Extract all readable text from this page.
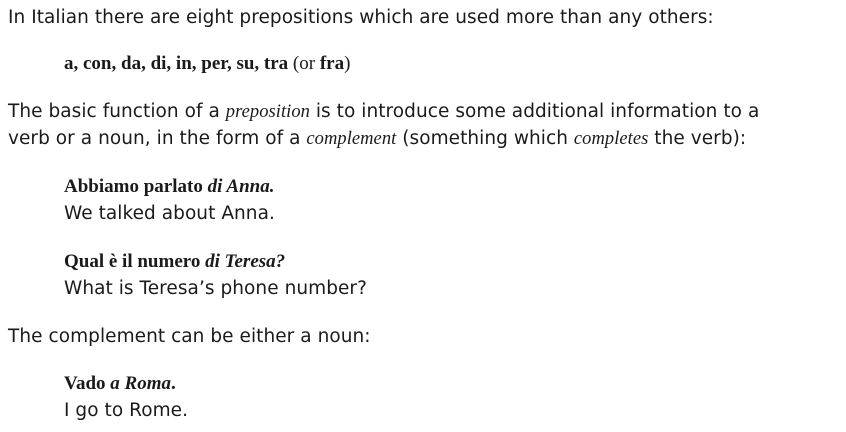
In Italian there are eight prepositions which are used more than any others:
a, con, da, di, in, per, su, tra (or fra)
The basic function of a preposition is to introduce some additional information to a
verb or a noun, in the form of a complement (something which completes the verb):
Abbiamo parlato di Anna.
We talked about Anna.
Qual è il numero di Teresa?
What is Teresa’s phone number?
The complement can be either a noun:
Vado a Roma.
I go to Rome.
